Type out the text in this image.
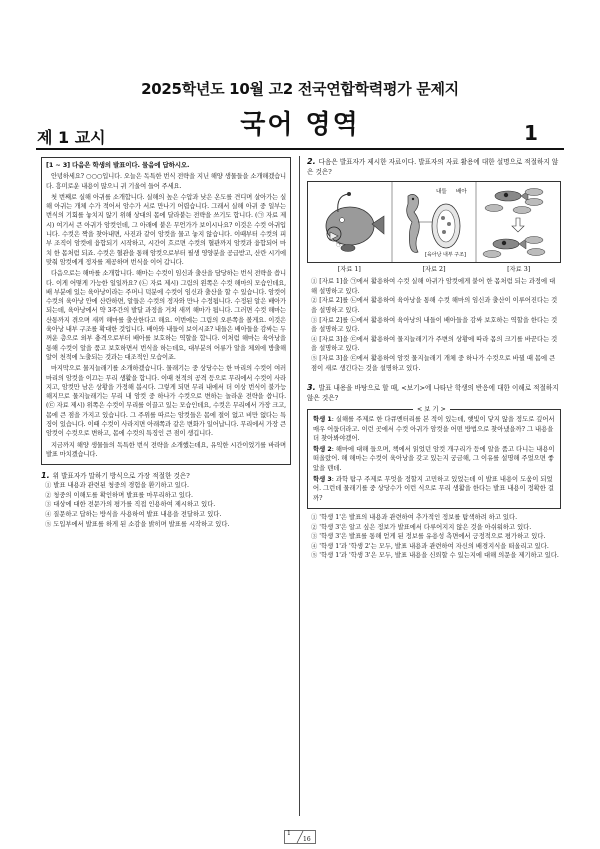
2025학년도 10월 고2 전국연합학력평가 문제지
국어 영역
제 1 교시	1
[1 ~ 3] 다음은 학생의 발표이다. 물음에 답하시오.

안녕하세요? ○○○입니다. 오늘은 독특한 번식 전략을 지닌 해양 생물들을 소개해겠습니다. 흥미로운 내용이 많으니 귀 기울여 들어 주세요.

첫 번째로 실해 아귀를 소개합니다. 실해의 높은 수압과 낮은 온도를 견디며 살아가는 실해 아귀는 개체 수가 적어서 암수가 서로 만나기 어렵습니다. 그래서 실해 아귀 중 일부는 번식의 기회를 놓치지 않기 위해 상대의 몸에 달라붙는 전략을 쓰기도 합니다. (㉠ 자료 제시) 여기서 큰 아귀가 암컷인데, 그 아래에 붙은 무언가가 보이시나요? 이것은 수컷 아귀입니다. 수컷은 짝을 찾아내면, 사진과 같이 암컷을 물고 놓지 않습니다. 이때부터 수컷의 피부 조직이 암컷에 융합되기 시작하고, 시간이 흐르면 수컷의 혈관까지 암컷과 융합되어 마치 한 몸처럼 되죠. 수컷은 혈관을 통해 암컷으로부터 필생 영양분을 공급받고, 산란 시기에 맞춰 암컷에게 정자를 제공하며 번식을 이어 갑니다.

다음으로는 해마를 소개합니다. 해마는 수컷이 임신과 출산을 담당하는 번식 전략을 씁니다. 이게 어떻게 가능한 일일까요? (㉡ 자료 제시) 그림의 왼쪽은 수컷 해마의 모습인데요, 배 부분에 있는 육아낭이라는 주머니 덕분에 수컷이 임신과 출산을 할 수 있습니다. 암컷이 수컷의 육아낭 안에 산란하면, 알들은 수컷의 정자와 만나 수정됩니다. 수정된 알은 배아가 되는데, 육아낭에서 약 3주간의 발달 과정을 거쳐 새끼 해마가 됩니다. 그러면 수컷 해마는 산통까지 겪으며 새끼 해마를 출산한다고 해요. 이번에는 그림의 오른쪽을 볼게요. 이것은 육아낭 내부 구조를 확대한 것입니다. 배아와 내들이 보이시죠? 내들은 배아들을 감싸는 두꺼운 층으로 외부 충격으로부터 배아를 보호하는 역할을 합니다. 이처럼 해마는 육아낭을 통해 수컷이 알을 품고 보호하면서 번식을 하는데요, 대부분의 어류가 알을 체외에 방출해 알이 천적에 노출되는 것과는 대조적인 모습이죠.

마지막으로 물지늘래기를 소개하겠습니다. 물래기는 중 상당수는 한 마리의 수컷이 여러 마리의 암컷을 이끄는 무리 생활을 합니다. 이때 천적의 공격 등으로 무리에서 수컷이 사라지고, 암컷만 남은 상황을 가정해 봅시다. 그렇게 되면 무리 내에서 더 이상 번식이 불가능해지므로 물지늘래기는 무리 내 암컷 중 하나가 수컷으로 변하는 놀라운 전략을 씁니다. (㉢ 자료 제시) 위쪽은 수컷이 무리를 이끌고 있는 모습인데요, 수컷은 무리에서 가장 크고, 몸에 큰 점을 가지고 있습니다. 그 주위를 따르는 암컷들은 몸에 절이 없고 비만 없다는 특징이 있습니다. 이때 수컷이 사라지면 아래쪽과 같은 변화가 일어납니다. 무리에서 가장 큰 암컷이 수컷으로 변하고, 몸에 수컷의 특징인 큰 점이 생깁니다.

지금까지 해양 생물들의 독특한 번식 전략을 소개했는데요, 유익한 시간이었기를 바라며 발표 마치겠습니다.

1. 위 발표자가 말하기 방식으로 가장 적절한 것은?
① 발표 내용과 관련된 청중의 경험을 환기하고 있다.
② 청중의 이해도를 확인하며 발표를 마무리하고 있다.
③ 대상에 대한 전문가의 평가를 직접 인용하여 제시하고 있다.
④ 질문하고 답하는 방식을 사용하여 발표 내용을 전달하고 있다.
⑤ 도입부에서 발표를 하게 된 소감을 밝히며 발표를 시작하고 있다.
2. 다음은 발표자가 제시한 자료이다. 발표자의 자료 활용에 대한 설명으로 적절하지 않은 것은?
㉠
내들 배아
[육아낭 내부 구조]
[자료 1]	[자료 2]	[자료 3]
① [자료 1]을 ㉠에서 활용하여 수컷 실해 아귀가 암컷에게 붙어 한 몸처럼 되는 과정에 대해 설명하고 있다.
② [자료 2]를 ㉡에서 활용하여 육아낭을 통해 수컷 해마의 임신과 출산이 이루어진다는 것을 설명하고 있다.
③ [자료 2]를 ㉡에서 활용하여 육아낭의 내들이 배아들을 감싸 보호하는 역할을 한다는 것을 설명하고 있다.
④ [자료 3]을 ㉢에서 활용하여 물지늘래기가 주변의 상황에 따라 몸의 크기를 바꾼다는 것을 설명하고 있다.
⑤ [자료 3]을 ㉢에서 활용하여 암컷 물지늘래기 개체 중 하나가 수컷으로 바뀔 때 몸에 큰 점이 새로 생긴다는 것을 설명하고 있다.
3. 발표 내용을 바탕으로 할 때, <보기>에 나타난 학생의 반응에 대한 이해로 적절하지 않은 것은?
< 보 기 >

학생 1: 실해를 주제로 한 다큐멘터리를 본 적이 있는데, 햇빛이 닿지 않을 정도로 깊어서 매우 어둡더라고. 이런 곳에서 수컷 아귀가 암컷을 어떤 방법으로 찾아냈을까? 그 내용을 더 찾아봐야겠어.

학생 2: 해마에 대해 들으며, 책에서 읽었던 암컷 개구리가 등에 알을 품고 다니는 내용이 떠올랐어. 해 해마는 수컷이 육아낭을 갖고 있는지 궁금해, 그 이유를 설명해 주었으면 좋았을 텐데.

학생 3: 과학 탐구 주제로 무엇을 정할지 고민하고 있었는데 이 발표 내용이 도움이 되었어. 그런데 물래기를 중 상당수가 이런 식으로 무리 생활을 한다는 발표 내용이 정확한 걸까?

① '학생 1'은 발표의 내용과 관련하여 추가적인 정보를 탐색하려 하고 있다.
② '학생 3'은 알고 싶은 정보가 발표에서 다루어지지 않은 것을 아쉬워하고 있다.
③ '학생 3'은 발표를 통해 얻게 된 정보를 유용성 측면에서 긍정적으로 평가하고 있다.
④ '학생 1'과 '학생 2'는 모두, 발표 내용과 관련하여 자신의 배경지식을 떠올리고 있다.
⑤ '학생 1'과 '학생 3'은 모두, 발표 내용을 신뢰할 수 있는지에 대해 의문을 제기하고 있다.
1
16
